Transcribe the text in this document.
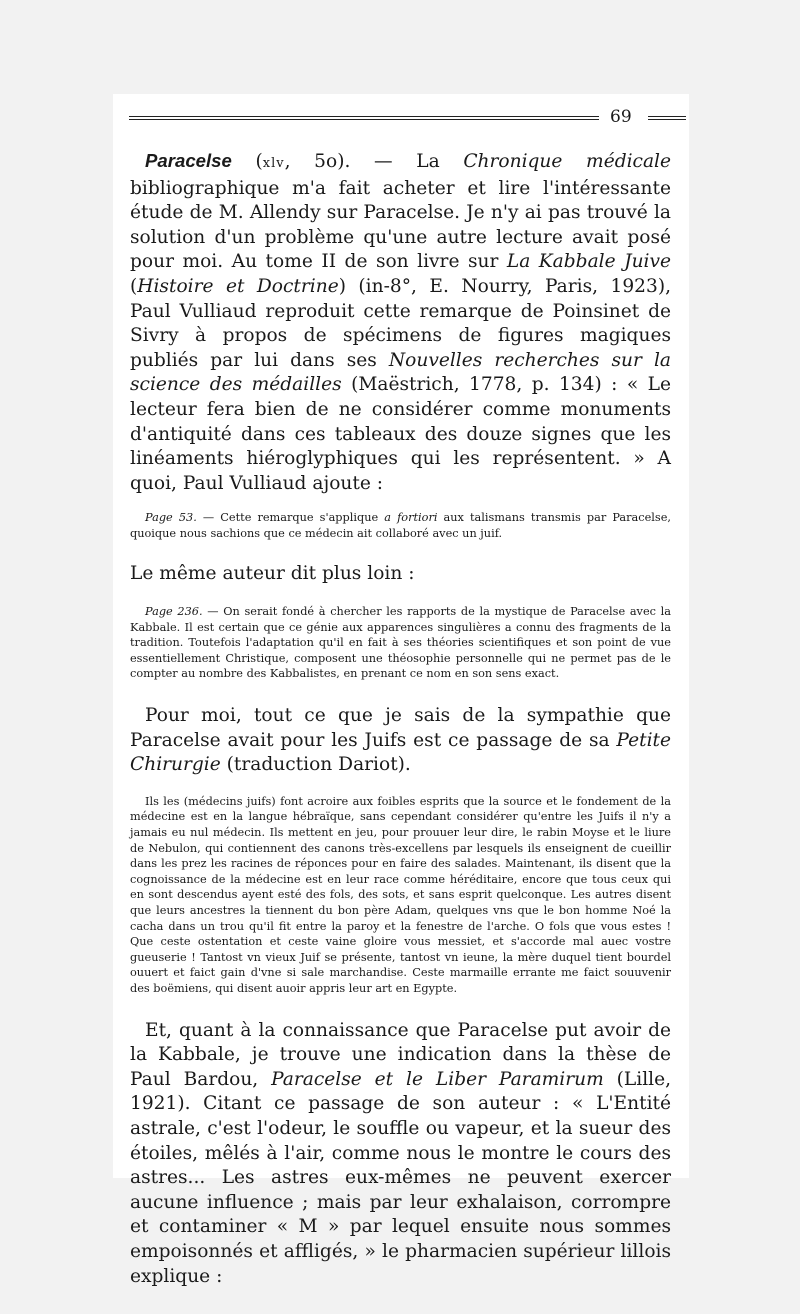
69

Paracelse (xlv, 5o). — La Chronique médicale bibliographique m'a fait acheter et lire l'intéressante étude de M. Allendy sur Paracelse. Je n'y ai pas trouvé la solution d'un problème qu'une autre lecture avait posé pour moi. Au tome II de son livre sur La Kabbale Juive (Histoire et Doctrine) (in-8°, E. Nourry, Paris, 1923), Paul Vulliaud reproduit cette remarque de Poinsinet de Sivry à propos de spécimens de figures magiques publiés par lui dans ses Nouvelles recherches sur la science des médailles (Maëstrich, 1778, p. 134) : « Le lecteur fera bien de ne considérer comme monuments d'antiquité dans ces tableaux des douze signes que les linéaments hiéroglyphiques qui les représentent. » A quoi, Paul Vulliaud ajoute :

Page 53. — Cette remarque s'applique a fortiori aux talismans transmis par Paracelse, quoique nous sachions que ce médecin ait collaboré avec un juif.

Le même auteur dit plus loin :

Page 236. — On serait fondé à chercher les rapports de la mystique de Paracelse avec la Kabbale. Il est certain que ce génie aux apparences singulières a connu des fragments de la tradition. Toutefois l'adaptation qu'il en fait à ses théories scientifiques et son point de vue essentiellement Christique, composent une théosophie personnelle qui ne permet pas de le compter au nombre des Kabbalistes, en prenant ce nom en son sens exact.

Pour moi, tout ce que je sais de la sympathie que Paracelse avait pour les Juifs est ce passage de sa Petite Chirurgie (traduction Dariot).

Ils les (médecins juifs) font acroire aux foibles esprits que la source et le fondement de la médecine est en la langue hébraïque, sans cependant considérer qu'entre les Juifs il n'y a jamais eu nul médecin. Ils mettent en jeu, pour prouuer leur dire, le rabin Moyse et le liure de Nebulon, qui contiennent des canons très-excellens par lesquels ils enseignent de cueillir dans les prez les racines de réponces pour en faire des salades. Maintenant, ils disent que la cognoissance de la médecine est en leur race comme héréditaire, encore que tous ceux qui en sont descendus ayent esté des fols, des sots, et sans esprit quelconque. Les autres disent que leurs ancestres la tiennent du bon père Adam, quelques vns que le bon homme Noé la cacha dans un trou qu'il fit entre la paroy et la fenestre de l'arche. O fols que vous estes ! Que ceste ostentation et ceste vaine gloire vous messiet, et s'accorde mal auec vostre gueuserie ! Tantost vn vieux Juif se présente, tantost vn ieune, la mère duquel tient bourdel ouuert et faict gain d'vne si sale marchandise. Ceste marmaille errante me faict souuvenir des boëmiens, qui disent auoir appris leur art en Egypte.

Et, quant à la connaissance que Paracelse put avoir de la Kabbale, je trouve une indication dans la thèse de Paul Bardou, Paracelse et le Liber Paramirum (Lille, 1921). Citant ce passage de son auteur : « L'Entité astrale, c'est l'odeur, le souffle ou vapeur, et la sueur des étoiles, mêlés à l'air, comme nous le montre le cours des astres... Les astres eux-mêmes ne peuvent exercer aucune influence ; mais par leur exhalaison, corrompre et contaminer « M » par lequel ensuite nous sommes empoisonnés et affligés, » le pharmacien supérieur lillois explique :
